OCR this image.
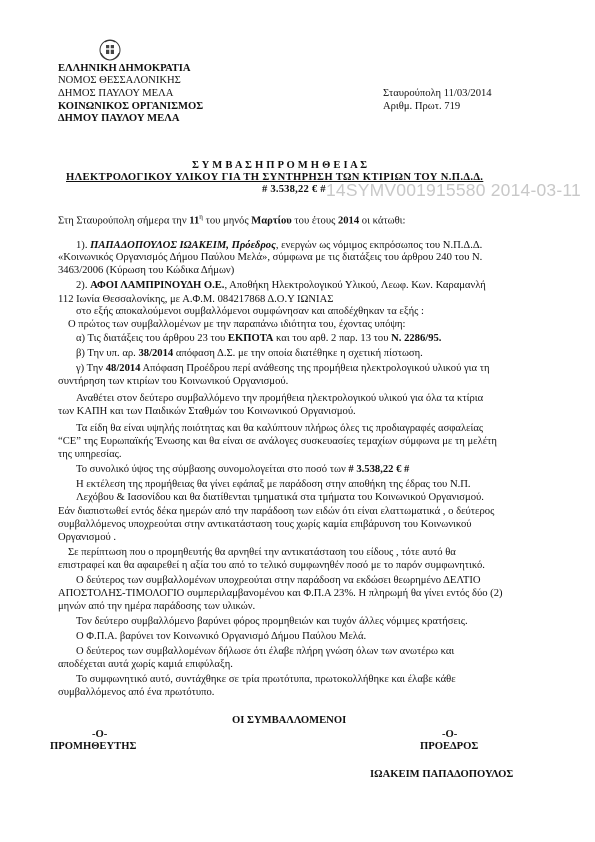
ΕΛΛΗΝΙΚΗ ΔΗΜΟΚΡΑΤΙΑ
ΝΟΜΟΣ ΘΕΣΣΑΛΟΝΙΚΗΣ
ΔΗΜΟΣ ΠΑΥΛΟΥ ΜΕΛΑ
ΚΟΙΝΩΝΙΚΟΣ ΟΡΓΑΝΙΣΜΟΣ
ΔΗΜΟΥ ΠΑΥΛΟΥ ΜΕΛΑ
Σταυρούπολη 11/03/2014
Αριθμ. Πρωτ. 719
Σ Υ Μ Β Α Σ Η Π Ρ Ο Μ Η Θ Ε Ι Α Σ
ΗΛΕΚΤΡΟΛΟΓΙΚΟΥ ΥΛΙΚΟΥ ΓΙΑ ΤΗ ΣΥΝΤΗΡΗΣΗ ΤΩΝ ΚΤΙΡΙΩΝ ΤΟΥ Ν.Π.Δ.Δ.
# 3.538,22 € # 14SYMV001915580 2014-03-11
Στη Σταυρούπολη σήμερα την $11^\eta$ του μηνός Μαρτίου του έτους 2014 οι κάτωθι:
1). ΠΑΠΑΔΟΠΟΥΛΟΣ ΙΩΑΚΕΙΜ, Πρόεδρος, ενεργών ως νόμιμος εκπρόσωπος του Ν.Π.Δ.Δ.
«Κοινωνικός Οργανισμός Δήμου Παύλου Μελά», σύμφωνα με τις διατάξεις του άρθρου 240 του Ν.
3463/2006 (Κύρωση του Κώδικα Δήμων)
2). ΑΦΟΙ ΛΑΜΠΡΙΝΟΥΔΗ Ο.Ε., Αποθήκη Ηλεκτρολογικού Υλικού, Λεωφ. Κων. Καραμανλή
112 Ιωνία Θεσσαλονίκης, με Α.Φ.Μ. 084217868 Δ.Ο.Υ ΙΩΝΙΑΣ
στο εξής αποκαλούμενοι συμβαλλόμενοι συμφώνησαν και αποδέχθηκαν τα εξής :
Ο πρώτος των συμβαλλομένων με την παραπάνω ιδιότητα του, έχοντας υπόψη:
α) Τις διατάξεις του άρθρου 23 του ΕΚΠΟΤΑ και του αρθ. 2 παρ. 13 του Ν. 2286/95.
β) Την υπ. αρ. 38/2014 απόφαση Δ.Σ. με την οποία διατέθηκε η σχετική πίστωση.
γ) Την 48/2014 Απόφαση Προέδρου περί ανάθεσης της προμήθεια ηλεκτρολογικού υλικού για τη
συντήρηση των κτιρίων του Κοινωνικού Οργανισμού.
Αναθέτει στον δεύτερο συμβαλλόμενο την προμήθεια ηλεκτρολογικού υλικού για όλα τα κτίρια
των ΚΑΠΗ και των Παιδικών Σταθμών του Κοινωνικού Οργανισμού.
Τα είδη θα είναι υψηλής ποιότητας και θα καλύπτουν πλήρως όλες τις προδιαγραφές ασφαλείας
“CE” της Ευρωπαϊκής Ένωσης και θα είναι σε ανάλογες συσκευασίες τεμαχίων σύμφωνα με τη μελέτη
της υπηρεσίας.
Το συνολικό ύψος της σύμβασης συνομολογείται στο ποσό των # 3.538,22 € #
Η εκτέλεση της προμήθειας θα γίνει εφάπαξ με παράδοση στην αποθήκη της έδρας του Ν.Π.
Λεχόβου & Ιασονίδου και θα διατίθενται τμηματικά στα τμήματα του Κοινωνικού Οργανισμού.
Εάν διαπιστωθεί εντός δέκα ημερών από την παράδοση των ειδών ότι είναι ελαττωματικά , ο δεύτερος
συμβαλλόμενος υποχρεούται στην αντικατάσταση τους χωρίς καμία επιβάρυνση του Κοινωνικού
Οργανισμού .
Σε περίπτωση που ο προμηθευτής θα αρνηθεί την αντικατάσταση του είδους , τότε αυτό θα
επιστραφεί και θα αφαιρεθεί η αξία του από το τελικό συμφωνηθέν ποσό με το παρόν συμφωνητικό.
Ο δεύτερος των συμβαλλομένων υποχρεούται στην παράδοση να εκδώσει θεωρημένο ΔΕΛΤΙΟ
ΑΠΟΣΤΟΛΗΣ-ΤΙΜΟΛΟΓΙΟ συμπεριλαμβανομένου και Φ.Π.Α 23%. Η πληρωμή θα γίνει εντός δύο (2)
μηνών από την ημέρα παράδοσης των υλικών.
Τον δεύτερο συμβαλλόμενο βαρύνει φόρος προμηθειών και τυχόν άλλες νόμιμες κρατήσεις.
Ο Φ.Π.Α. βαρύνει τον Κοινωνικό Οργανισμό Δήμου Παύλου Μελά.
Ο δεύτερος των συμβαλλομένων δήλωσε ότι έλαβε πλήρη γνώση όλων των ανωτέρω και
αποδέχεται αυτά χωρίς καμιά επιφύλαξη.
Το συμφωνητικό αυτό, συντάχθηκε σε τρία πρωτότυπα, πρωτοκολλήθηκε και έλαβε κάθε
συμβαλλόμενος από ένα πρωτότυπο.
ΟΙ ΣΥΜΒΑΛΛΟΜΕΝΟΙ
-Ο-
ΠΡΟΜΗΘΕΥΤΗΣ
-Ο-
ΠΡΟΕΔΡΟΣ
ΙΩΑΚΕΙΜ ΠΑΠΑΔΟΠΟΥΛΟΣ
